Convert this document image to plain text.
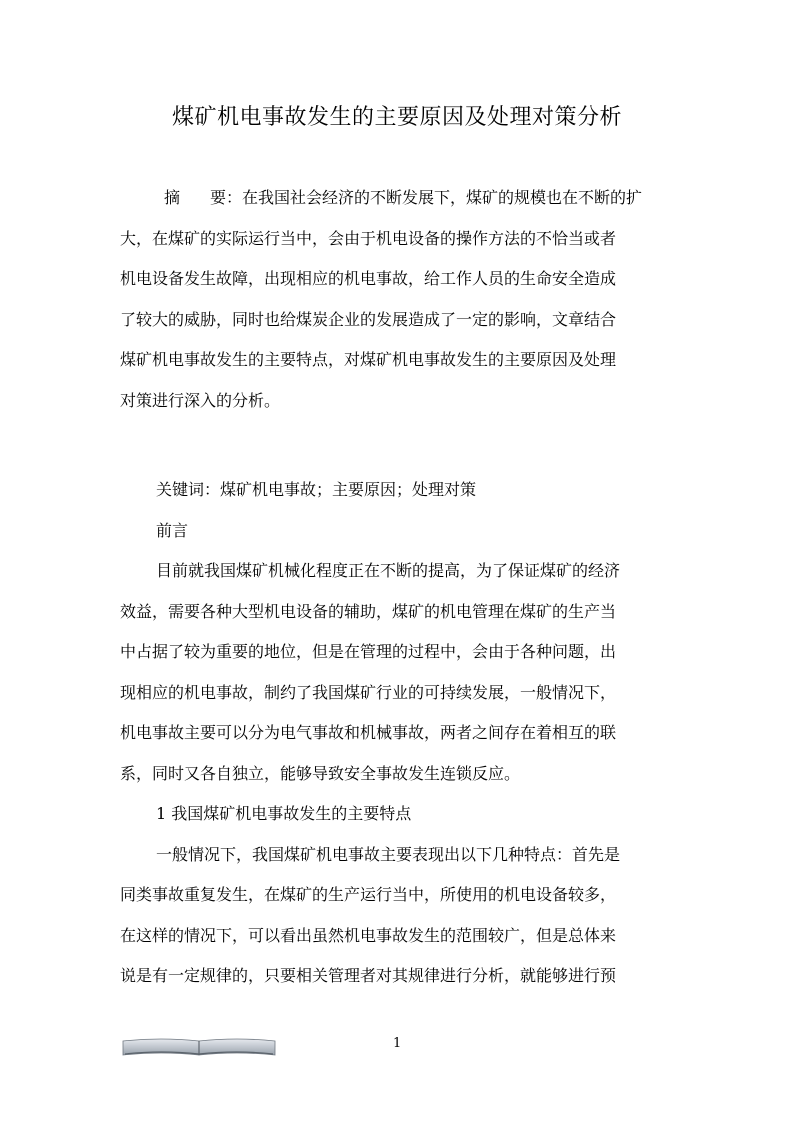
煤矿机电事故发生的主要原因及处理对策分析
摘 要：在我国社会经济的不断发展下，煤矿的规模也在不断的扩
大，在煤矿的实际运行当中，会由于机电设备的操作方法的不恰当或者
机电设备发生故障，出现相应的机电事故，给工作人员的生命安全造成
了较大的威胁，同时也给煤炭企业的发展造成了一定的影响，文章结合
煤矿机电事故发生的主要特点，对煤矿机电事故发生的主要原因及处理
对策进行深入的分析。
关键词：煤矿机电事故；主要原因；处理对策
前言
目前就我国煤矿机械化程度正在不断的提高，为了保证煤矿的经济
效益，需要各种大型机电设备的辅助，煤矿的机电管理在煤矿的生产当
中占据了较为重要的地位，但是在管理的过程中，会由于各种问题，出
现相应的机电事故，制约了我国煤矿行业的可持续发展，一般情况下，
机电事故主要可以分为电气事故和机械事故，两者之间存在着相互的联
系，同时又各自独立，能够导致安全事故发生连锁反应。
1 我国煤矿机电事故发生的主要特点
一般情况下，我国煤矿机电事故主要表现出以下几种特点：首先是
同类事故重复发生，在煤矿的生产运行当中，所使用的机电设备较多，
在这样的情况下，可以看出虽然机电事故发生的范围较广，但是总体来
说是有一定规律的，只要相关管理者对其规律进行分析，就能够进行预
1
